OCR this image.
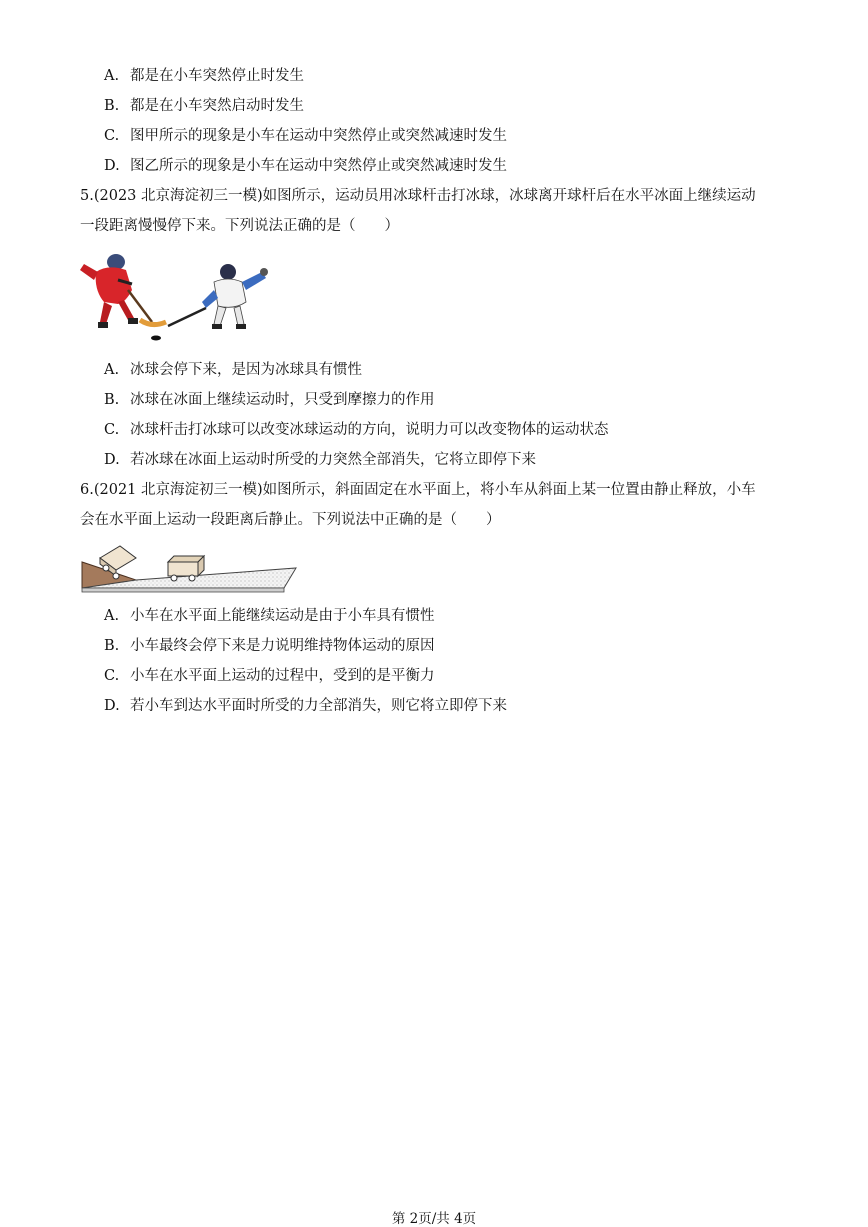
A. 都是在小车突然停止时发生
B. 都是在小车突然启动时发生
C. 图甲所示的现象是小车在运动中突然停止或突然减速时发生
D. 图乙所示的现象是小车在运动中突然停止或突然减速时发生
5.(2023 北京海淀初三一模)如图所示，运动员用冰球杆击打冰球，冰球离开球杆后在水平冰面上继续运动
一段距离慢慢停下来。下列说法正确的是（　　）
A. 冰球会停下来，是因为冰球具有惯性
B. 冰球在冰面上继续运动时，只受到摩擦力的作用
C. 冰球杆击打冰球可以改变冰球运动的方向，说明力可以改变物体的运动状态
D. 若冰球在冰面上运动时所受的力突然全部消失，它将立即停下来
6.(2021 北京海淀初三一模)如图所示，斜面固定在水平面上，将小车从斜面上某一位置由静止释放，小车
会在水平面上运动一段距离后静止。下列说法中正确的是（　　）
A. 小车在水平面上能继续运动是由于小车具有惯性
B. 小车最终会停下来是力说明维持物体运动的原因
C. 小车在水平面上运动的过程中，受到的是平衡力
D. 若小车到达水平面时所受的力全部消失，则它将立即停下来
第 2页/共 4页
